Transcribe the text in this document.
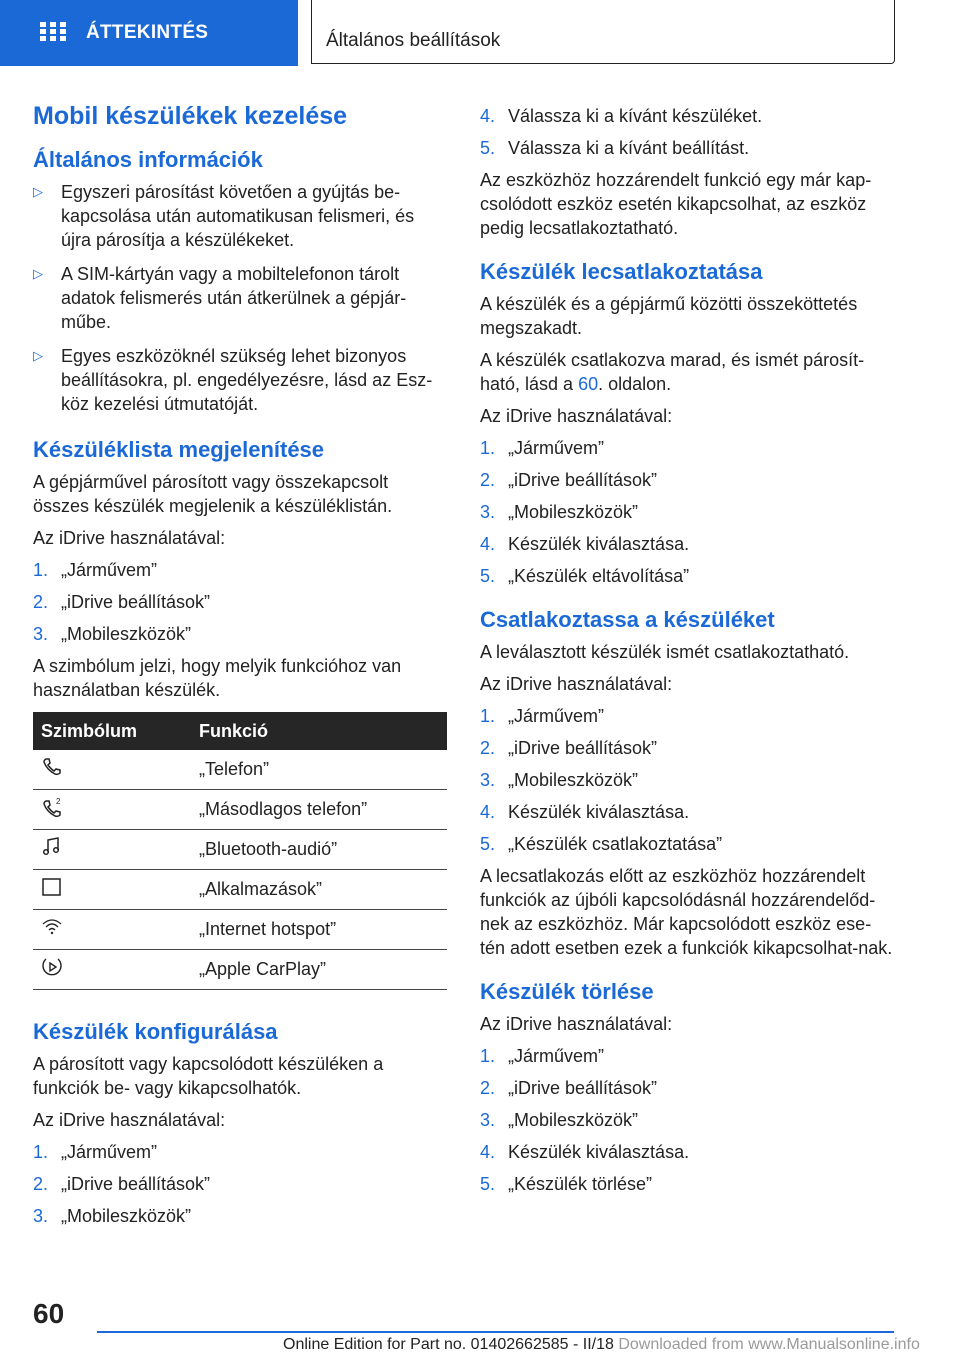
ÁTTEKINTÉS	Általános beállítások
Mobil készülékek kezelése
Általános információk
▷ Egyszeri párosítást követően a gyújtás be-kapcsolása után automatikusan felismeri, és újra párosítja a készülékeket.
▷ A SIM-kártyán vagy a mobiltelefonon tárolt adatok felismerés után átkerülnek a gépjár-műbe.
▷ Egyes eszközöknél szükség lehet bizonyos beállításokra, pl. engedélyezésre, lásd az Esz-köz kezelési útmutatóját.
Készüléklista megjelenítése

A gépjárművel párosított vagy összekapcsolt összes készülék megjelenik a készüléklistán.

Az iDrive használatával:

1. „Járművem”
2. „iDrive beállítások”
3. „Mobileszközök”

A szimbólum jelzi, hogy melyik funkcióhoz van használatban készülék.

Szimbólum	Funkció
	„Telefon”

2	„Másodlagos telefon”
	„Bluetooth-audió”
	„Alkalmazások”
	„Internet hotspot”
	„Apple CarPlay”
Készülék konfigurálása

A párosított vagy kapcsolódott készüléken a funkciók be- vagy kikapcsolhatók.

Az iDrive használatával:

1. „Járművem”
2. „iDrive beállítások”
3. „Mobileszközök”
4. Válassza ki a kívánt készüléket.
5. Válassza ki a kívánt beállítást.

Az eszközhöz hozzárendelt funkció egy már kap-csolódott eszköz esetén kikapcsolhat, az eszköz pedig lecsatlakoztatható.

Készülék lecsatlakoztatása

A készülék és a gépjármű közötti összeköttetés megszakadt.

A készülék csatlakozva marad, és ismét párosít-ható, lásd a 60. oldalon.

Az iDrive használatával:

1. „Járművem”
2. „iDrive beállítások”
3. „Mobileszközök”
4. Készülék kiválasztása.
5. „Készülék eltávolítása”
Csatlakoztassa a készüléket

A leválasztott készülék ismét csatlakoztatható.

Az iDrive használatával:

1. „Járművem”
2. „iDrive beállítások”
3. „Mobileszközök”
4. Készülék kiválasztása.
5. „Készülék csatlakoztatása”

A lecsatlakozás előtt az eszközhöz hozzárendelt funkciók az újbóli kapcsolódásnál hozzárendelőd-nek az eszközhöz. Már kapcsolódott eszköz ese-tén adott esetben ezek a funkciók kikapcsolhat-nak.

Készülék törlése

Az iDrive használatával:

1. „Járművem”
2. „iDrive beállítások”
3. „Mobileszközök”
4. Készülék kiválasztása.
5. „Készülék törlése”
60
Online Edition for Part no. 01402662585 - II/18 Downloaded from www.Manualsonline.info
